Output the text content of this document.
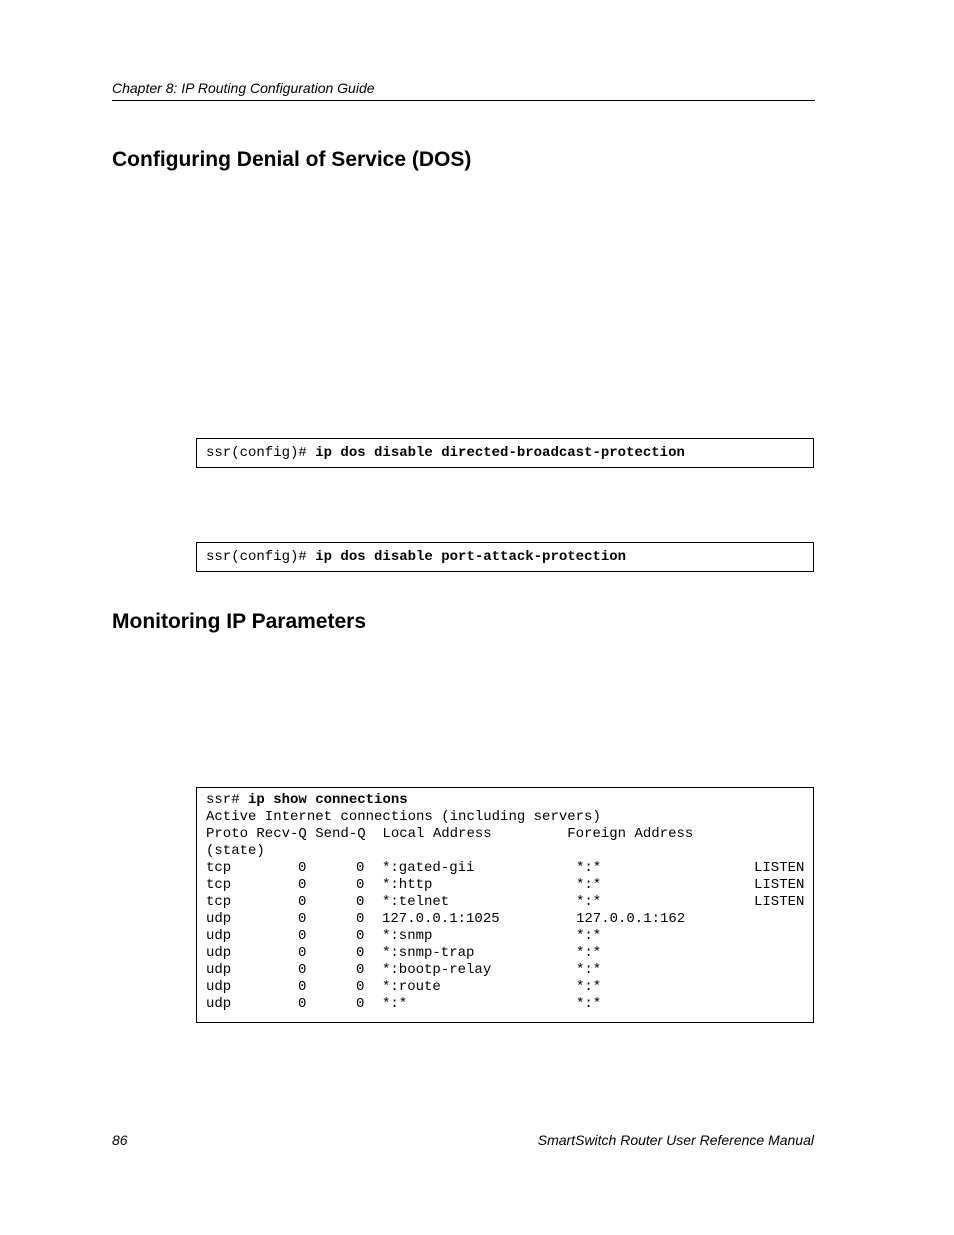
Chapter 8: IP Routing Configuration Guide
Configuring Denial of Service (DOS)

ssr(config)# ip dos disable directed-broadcast-protection

ssr(config)# ip dos disable port-attack-protection

Monitoring IP Parameters
ssr# ip show connections
Active Internet connections (including servers)
Proto Recv-Q Send-Q  Local Address         Foreign Address
(state)
tcp	0	0 *:gated-gii	*:*	LISTEN
tcp	0	0 *:http	*:*	LISTEN
tcp	0	0 *:telnet	*:*	LISTEN
udp	0	0 127.0.0.1:1025	127.0.0.1:162
udp	0	0 *:snmp	*:*
udp	0	0 *:snmp-trap	*:*
udp	0	0 *:bootp-relay	*:*
udp	0	0 *:route	*:*
udp	0	0 *:*	*:*
86	SmartSwitch Router User Reference Manual
